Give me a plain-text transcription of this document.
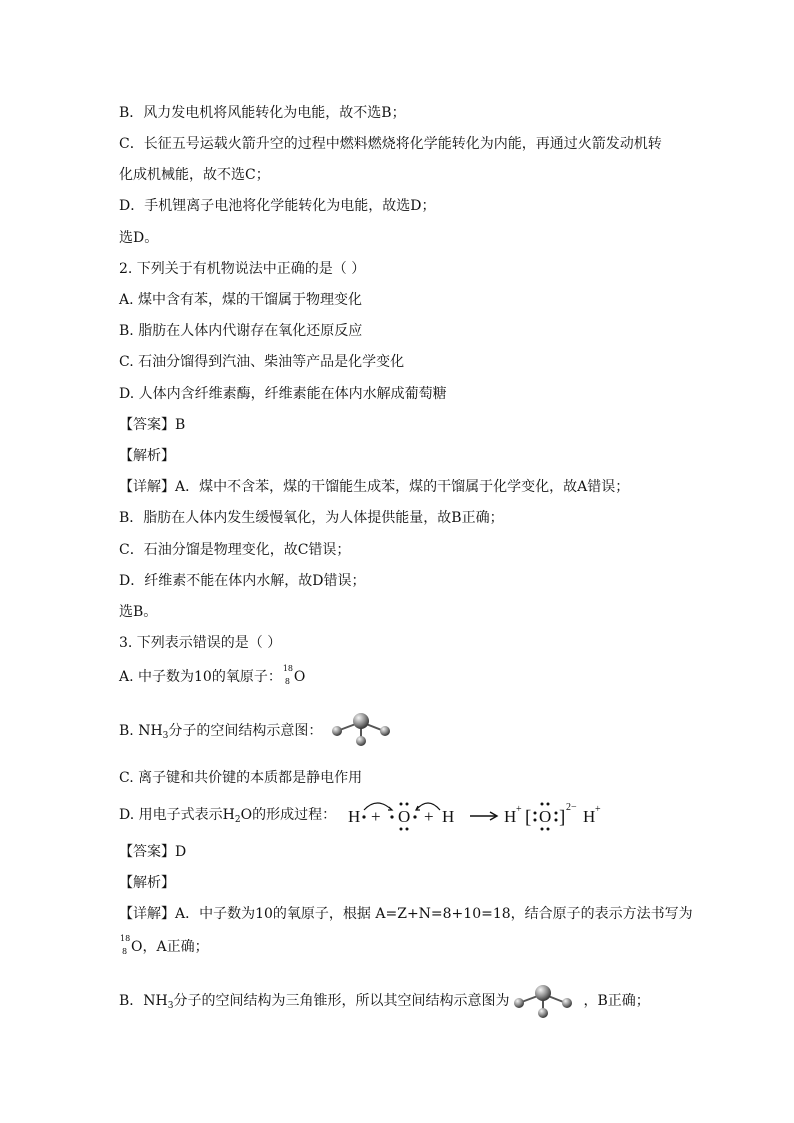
B．风力发电机将风能转化为电能，故不选B；
C．长征五号运载火箭升空的过程中燃料燃烧将化学能转化为内能，再通过火箭发动机转
化成机械能，故不选C；
D．手机锂离子电池将化学能转化为电能，故选D；
选D。
2. 下列关于有机物说法中正确的是（ ）
A. 煤中含有苯，煤的干馏属于物理变化
B. 脂肪在人体内代谢存在氧化还原反应
C. 石油分馏得到汽油、柴油等产品是化学变化
D. 人体内含纤维素酶，纤维素能在体内水解成葡萄糖
【答案】B
【解析】
【详解】A．煤中不含苯，煤的干馏能生成苯，煤的干馏属于化学变化，故A错误；
B．脂肪在人体内发生缓慢氧化，为人体提供能量，故B正确；
C．石油分馏是物理变化，故C错误；
D．纤维素不能在体内水解，故D错误；
选B。
3. 下列表示错误的是（ ）
A. 中子数为10的氧原子：
18
8 O
B. $NH_3$分子的空间结构示意图：
C. 离子键和共价键的本质都是静电作用
D. 用电子式表示$H_2O$的形成过程： H + O + H	H + [ O ] 2− H +
【答案】D
【解析】
【详解】A．中子数为10的氧原子，根据 A=Z+N=8+10=18，结合原子的表示方法书写为
18
8 O，A正确；
B．$NH_3$分子的空间结构为三角锥形，所以其空间结构示意图为	，B正确；
